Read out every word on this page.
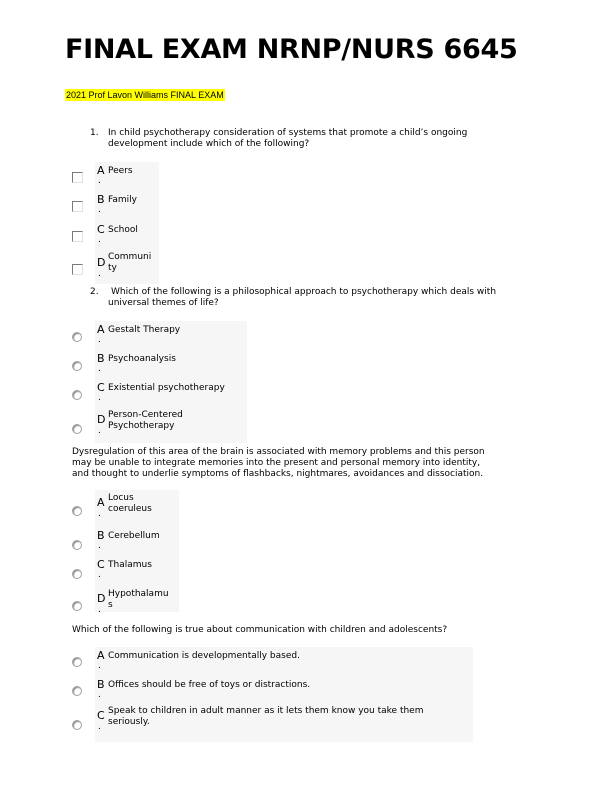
FINAL EXAM NRNP/NURS 6645
2021 Prof Lavon Williams FINAL EXAM
1. In child psychotherapy consideration of systems that promote a child’s ongoing
development include which of the following?
A
.
Peers
B
.
Family
C
.
School
D
.
Communi
ty
2.	Which of the following is a philosophical approach to psychotherapy which deals with
universal themes of life?
A
.
Gestalt Therapy
B
.
Psychoanalysis
C
.
Existential psychotherapy
D
.
Person-Centered
Psychotherapy
Dysregulation of this area of the brain is associated with memory problems and this person
may be unable to integrate memories into the present and personal memory into identity,
and thought to underlie symptoms of flashbacks, nightmares, avoidances and dissociation.
A
.
Locus
coeruleus
B
.
Cerebellum
C
.
Thalamus
D
.
Hypothalamu
s
Which of the following is true about communication with children and adolescents?
A
.
Communication is developmentally based.
B
.
Offices should be free of toys or distractions.
C
.
Speak to children in adult manner as it lets them know you take them
seriously.
